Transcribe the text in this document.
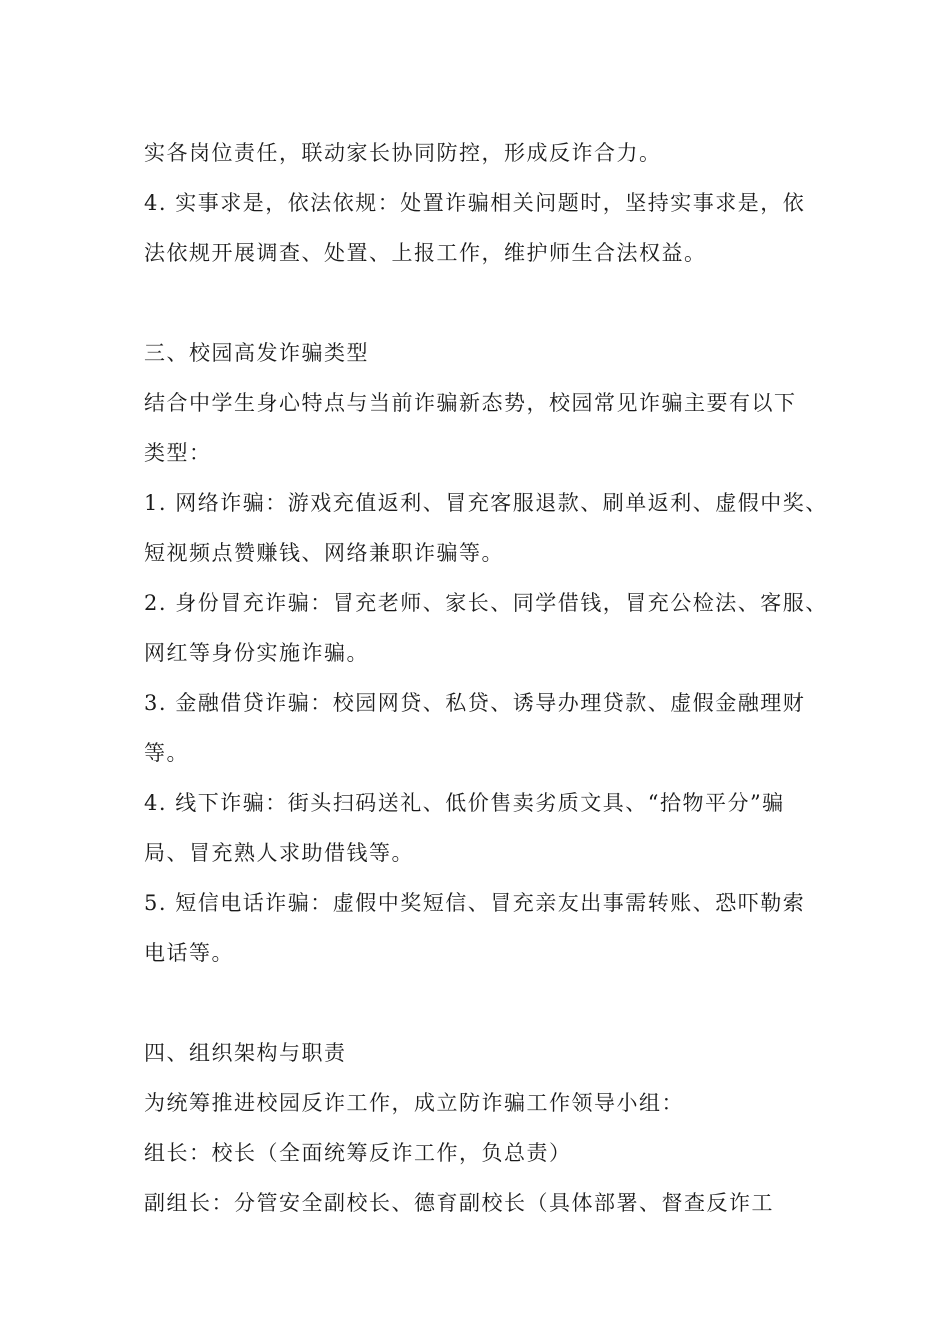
实各岗位责任，联动家长协同防控，形成反诈合力。
4. 实事求是，依法依规：处置诈骗相关问题时，坚持实事求是，依
法依规开展调查、处置、上报工作，维护师生合法权益。
三、校园高发诈骗类型
结合中学生身心特点与当前诈骗新态势，校园常见诈骗主要有以下
类型：
1. 网络诈骗：游戏充值返利、冒充客服退款、刷单返利、虚假中奖、
短视频点赞赚钱、网络兼职诈骗等。
2. 身份冒充诈骗：冒充老师、家长、同学借钱，冒充公检法、客服、
网红等身份实施诈骗。
3. 金融借贷诈骗：校园网贷、私贷、诱导办理贷款、虚假金融理财
等。
4. 线下诈骗：街头扫码送礼、低价售卖劣质文具、“拾物平分”骗
局、冒充熟人求助借钱等。
5. 短信电话诈骗：虚假中奖短信、冒充亲友出事需转账、恐吓勒索
电话等。
四、组织架构与职责
为统筹推进校园反诈工作，成立防诈骗工作领导小组：
组长：校长（全面统筹反诈工作，负总责）
副组长：分管安全副校长、德育副校长（具体部署、督查反诈工
